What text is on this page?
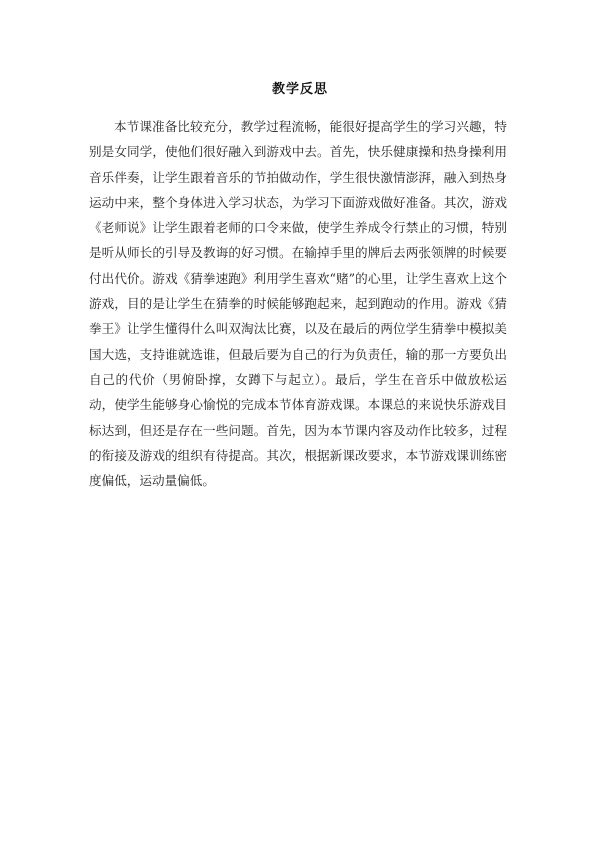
教学反思

本节课准备比较充分，教学过程流畅，能很好提高学生的学习兴趣，特别是女同学，使他们很好融入到游戏中去。首先，快乐健康操和热身操利用音乐伴奏，让学生跟着音乐的节拍做动作，学生很快激情澎湃，融入到热身运动中来，整个身体进入学习状态，为学习下面游戏做好准备。其次，游戏《老师说》让学生跟着老师的口令来做，使学生养成令行禁止的习惯，特别是听从师长的引导及教诲的好习惯。在输掉手里的牌后去两张领牌的时候要付出代价。游戏《猜拳速跑》利用学生喜欢“赌”的心里，让学生喜欢上这个游戏，目的是让学生在猜拳的时候能够跑起来，起到跑动的作用。游戏《猜拳王》让学生懂得什么叫双淘汰比赛，以及在最后的两位学生猜拳中模拟美国大选，支持谁就选谁，但最后要为自己的行为负责任，输的那一方要负出自己的代价（男俯卧撑，女蹲下与起立）。最后，学生在音乐中做放松运动，使学生能够身心愉悦的完成本节体育游戏课。本课总的来说快乐游戏目标达到，但还是存在一些问题。首先，因为本节课内容及动作比较多，过程的衔接及游戏的组织有待提高。其次，根据新课改要求，本节游戏课训练密度偏低，运动量偏低。
